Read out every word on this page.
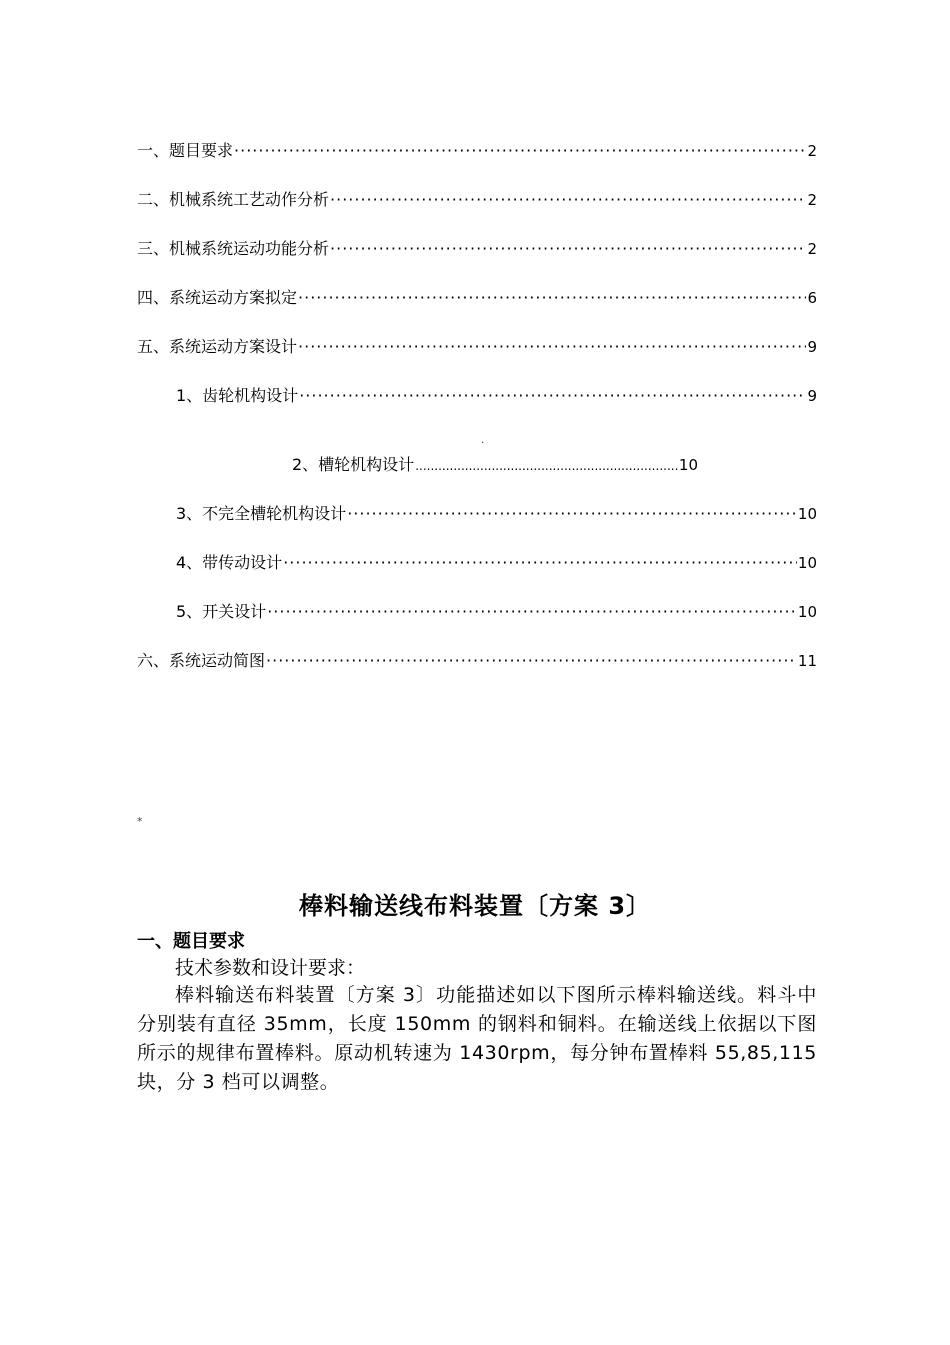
一、题目要求 ·····	2
二、机械系统工艺动作分析 ·····	2
三、机械系统运动功能分析 ·····	2
四、系统运动方案拟定 ·····	6
五、系统运动方案设计 ·····	9
1、齿轮机构设计 ·····	9
·
2、槽轮机构设计 .....	10
3、不完全槽轮机构设计 ·····	10
4、带传动设计 ·····	10
5、开关设计 ·····	10
六、系统运动简图 ·····	11
*
棒料输送线布料装置〔方案 3〕
一、题目要求
技术参数和设计要求：
棒料输送布料装置〔方案 3〕功能描述如以下图所示棒料输送线。料斗中分别装有直径 35mm，长度 150mm 的钢料和铜料。在输送线上依据以下图所示的规律布置棒料。原动机转速为 1430rpm，每分钟布置棒料 55,85,115 块，分 3 档可以调整。
